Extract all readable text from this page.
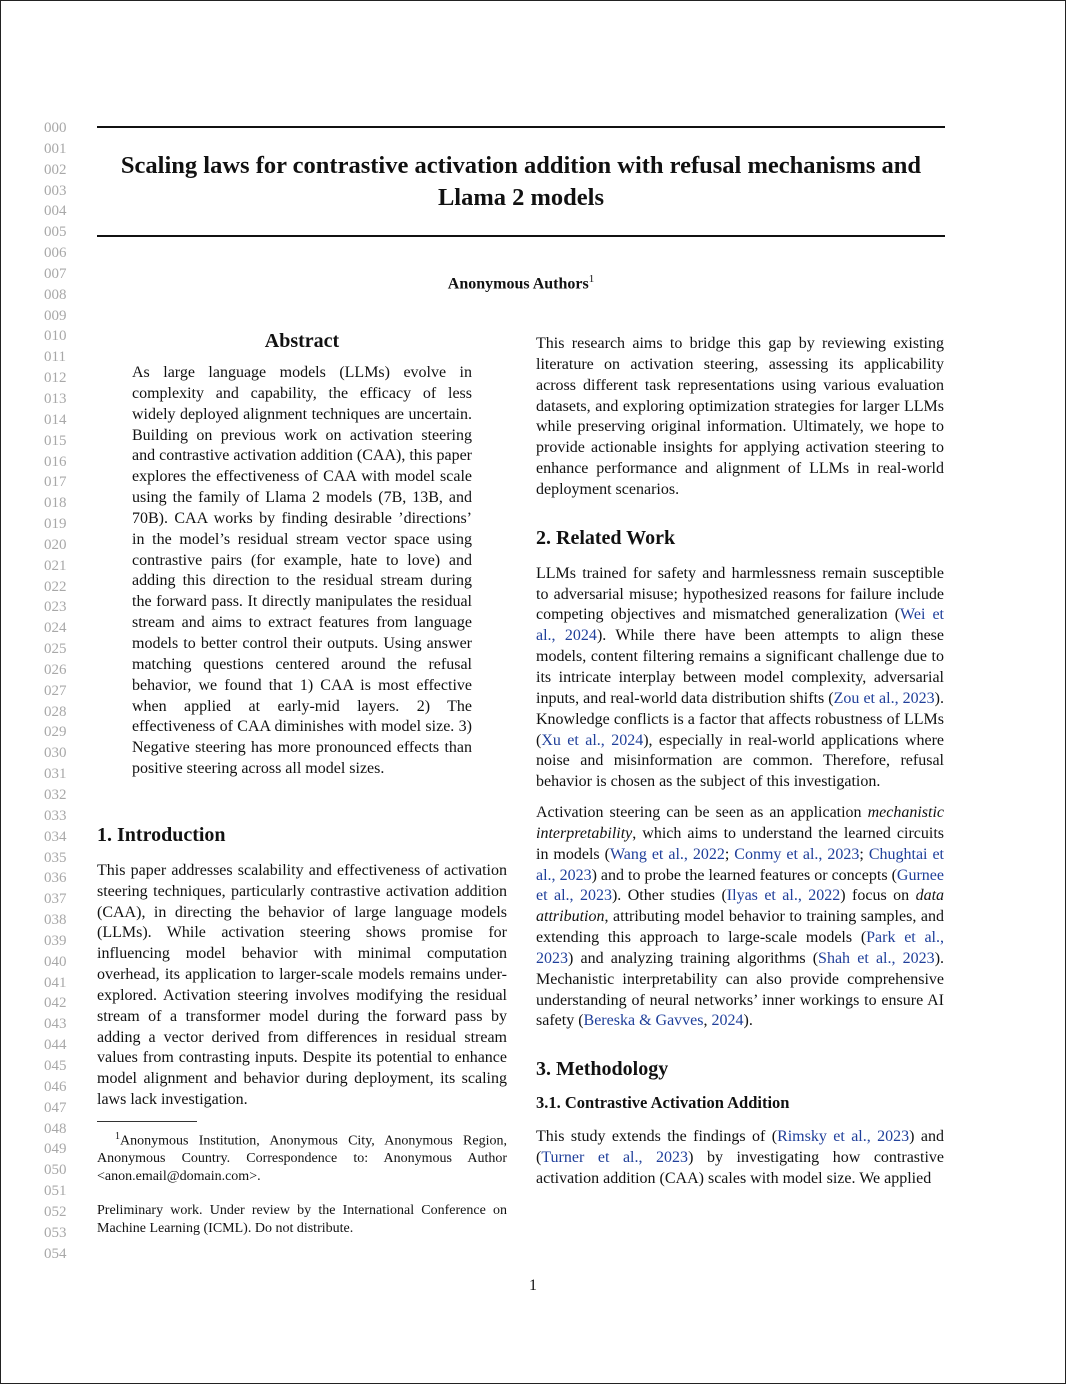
000
001
002
003
004
005
006
007
008
009
010
011
012
013
014
015
016
017
018
019
020
021
022
023
024
025
026
027
028
029
030
031
032
033
034
035
036
037
038
039
040
041
042
043
044
045
046
047
048
049
050
051
052
053
054
Scaling laws for contrastive activation addition with refusal mechanisms and
Llama 2 models
Anonymous Authors$^1$
Abstract

As large language models (LLMs) evolve in complexity and capability, the efficacy of less widely deployed alignment techniques are uncertain. Building on previous work on activation steering and contrastive activation addition (CAA), this paper explores the effectiveness of CAA with model scale using the family of Llama 2 models (7B, 13B, and 70B). CAA works by finding desirable ’directions’ in the model’s residual stream vector space using contrastive pairs (for example, hate to love) and adding this direction to the residual stream during the forward pass. It directly manipulates the residual stream and aims to extract features from language models to better control their outputs. Using answer matching questions centered around the refusal behavior, we found that 1) CAA is most effective when applied at early-mid layers. 2) The effectiveness of CAA diminishes with model size. 3) Negative steering has more pronounced effects than positive steering across all model sizes.

1. Introduction

This paper addresses scalability and effectiveness of activation steering techniques, particularly contrastive activation addition (CAA), in directing the behavior of large language models (LLMs). While activation steering shows promise for influencing model behavior with minimal computation overhead, its application to larger-scale models remains under-explored. Activation steering involves modifying the residual stream of a transformer model during the forward pass by adding a vector derived from differences in residual stream values from contrasting inputs. Despite its potential to enhance model alignment and behavior during deployment, its scaling laws lack investigation.

$^1$Anonymous Institution, Anonymous City, Anonymous Region, Anonymous Country. Correspondence to: Anonymous Author <anon.email@domain.com>.

Preliminary work. Under review by the International Conference on Machine Learning (ICML). Do not distribute.

This research aims to bridge this gap by reviewing existing literature on activation steering, assessing its applicability across different task representations using various evaluation datasets, and exploring optimization strategies for larger LLMs while preserving original information. Ultimately, we hope to provide actionable insights for applying activation steering to enhance performance and alignment of LLMs in real-world deployment scenarios.

2. Related Work

LLMs trained for safety and harmlessness remain susceptible to adversarial misuse; hypothesized reasons for failure include competing objectives and mismatched generalization (Wei et al., 2024). While there have been attempts to align these models, content filtering remains a significant challenge due to its intricate interplay between model complexity, adversarial inputs, and real-world data distribution shifts (Zou et al., 2023). Knowledge conflicts is a factor that affects robustness of LLMs (Xu et al., 2024), especially in real-world applications where noise and misinformation are common. Therefore, refusal behavior is chosen as the subject of this investigation.

Activation steering can be seen as an application mechanistic interpretability, which aims to understand the learned circuits in models (Wang et al., 2022; Conmy et al., 2023; Chughtai et al., 2023) and to probe the learned features or concepts (Gurnee et al., 2023). Other studies (Ilyas et al., 2022) focus on data attribution, attributing model behavior to training samples, and extending this approach to large-scale models (Park et al., 2023) and analyzing training algorithms (Shah et al., 2023). Mechanistic interpretability can also provide comprehensive understanding of neural networks’ inner workings to ensure AI safety (Bereska & Gavves, 2024).

3. Methodology
3.1. Contrastive Activation Addition

This study extends the findings of (Rimsky et al., 2023) and (Turner et al., 2023) by investigating how contrastive activation addition (CAA) scales with model size. We applied

1
